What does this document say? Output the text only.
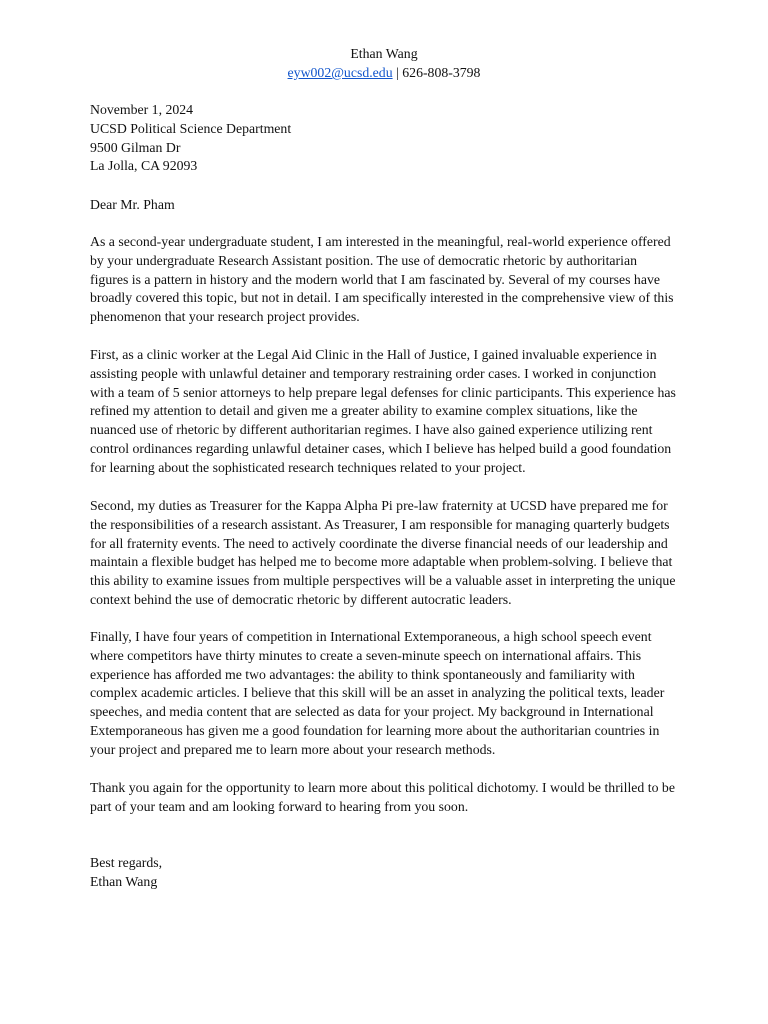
Ethan Wang
eyw002@ucsd.edu | 626-808-3798

November 1, 2024

UCSD Political Science Department

9500 Gilman Dr

La Jolla, CA 92093

Dear Mr. Pham

As a second-year undergraduate student, I am interested in the meaningful, real-world experience offered
by your undergraduate Research Assistant position. The use of democratic rhetoric by authoritarian
figures is a pattern in history and the modern world that I am fascinated by. Several of my courses have
broadly covered this topic, but not in detail. I am specifically interested in the comprehensive view of this
phenomenon that your research project provides.

First, as a clinic worker at the Legal Aid Clinic in the Hall of Justice, I gained invaluable experience in
assisting people with unlawful detainer and temporary restraining order cases. I worked in conjunction
with a team of 5 senior attorneys to help prepare legal defenses for clinic participants. This experience has
refined my attention to detail and given me a greater ability to examine complex situations, like the
nuanced use of rhetoric by different authoritarian regimes. I have also gained experience utilizing rent
control ordinances regarding unlawful detainer cases, which I believe has helped build a good foundation
for learning about the sophisticated research techniques related to your project.

Second, my duties as Treasurer for the Kappa Alpha Pi pre-law fraternity at UCSD have prepared me for
the responsibilities of a research assistant. As Treasurer, I am responsible for managing quarterly budgets
for all fraternity events. The need to actively coordinate the diverse financial needs of our leadership and
maintain a flexible budget has helped me to become more adaptable when problem-solving. I believe that
this ability to examine issues from multiple perspectives will be a valuable asset in interpreting the unique
context behind the use of democratic rhetoric by different autocratic leaders.

Finally, I have four years of competition in International Extemporaneous, a high school speech event
where competitors have thirty minutes to create a seven-minute speech on international affairs. This
experience has afforded me two advantages: the ability to think spontaneously and familiarity with
complex academic articles. I believe that this skill will be an asset in analyzing the political texts, leader
speeches, and media content that are selected as data for your project. My background in International
Extemporaneous has given me a good foundation for learning more about the authoritarian countries in
your project and prepared me to learn more about your research methods.

Thank you again for the opportunity to learn more about this political dichotomy. I would be thrilled to be
part of your team and am looking forward to hearing from you soon.

Best regards,

Ethan Wang
